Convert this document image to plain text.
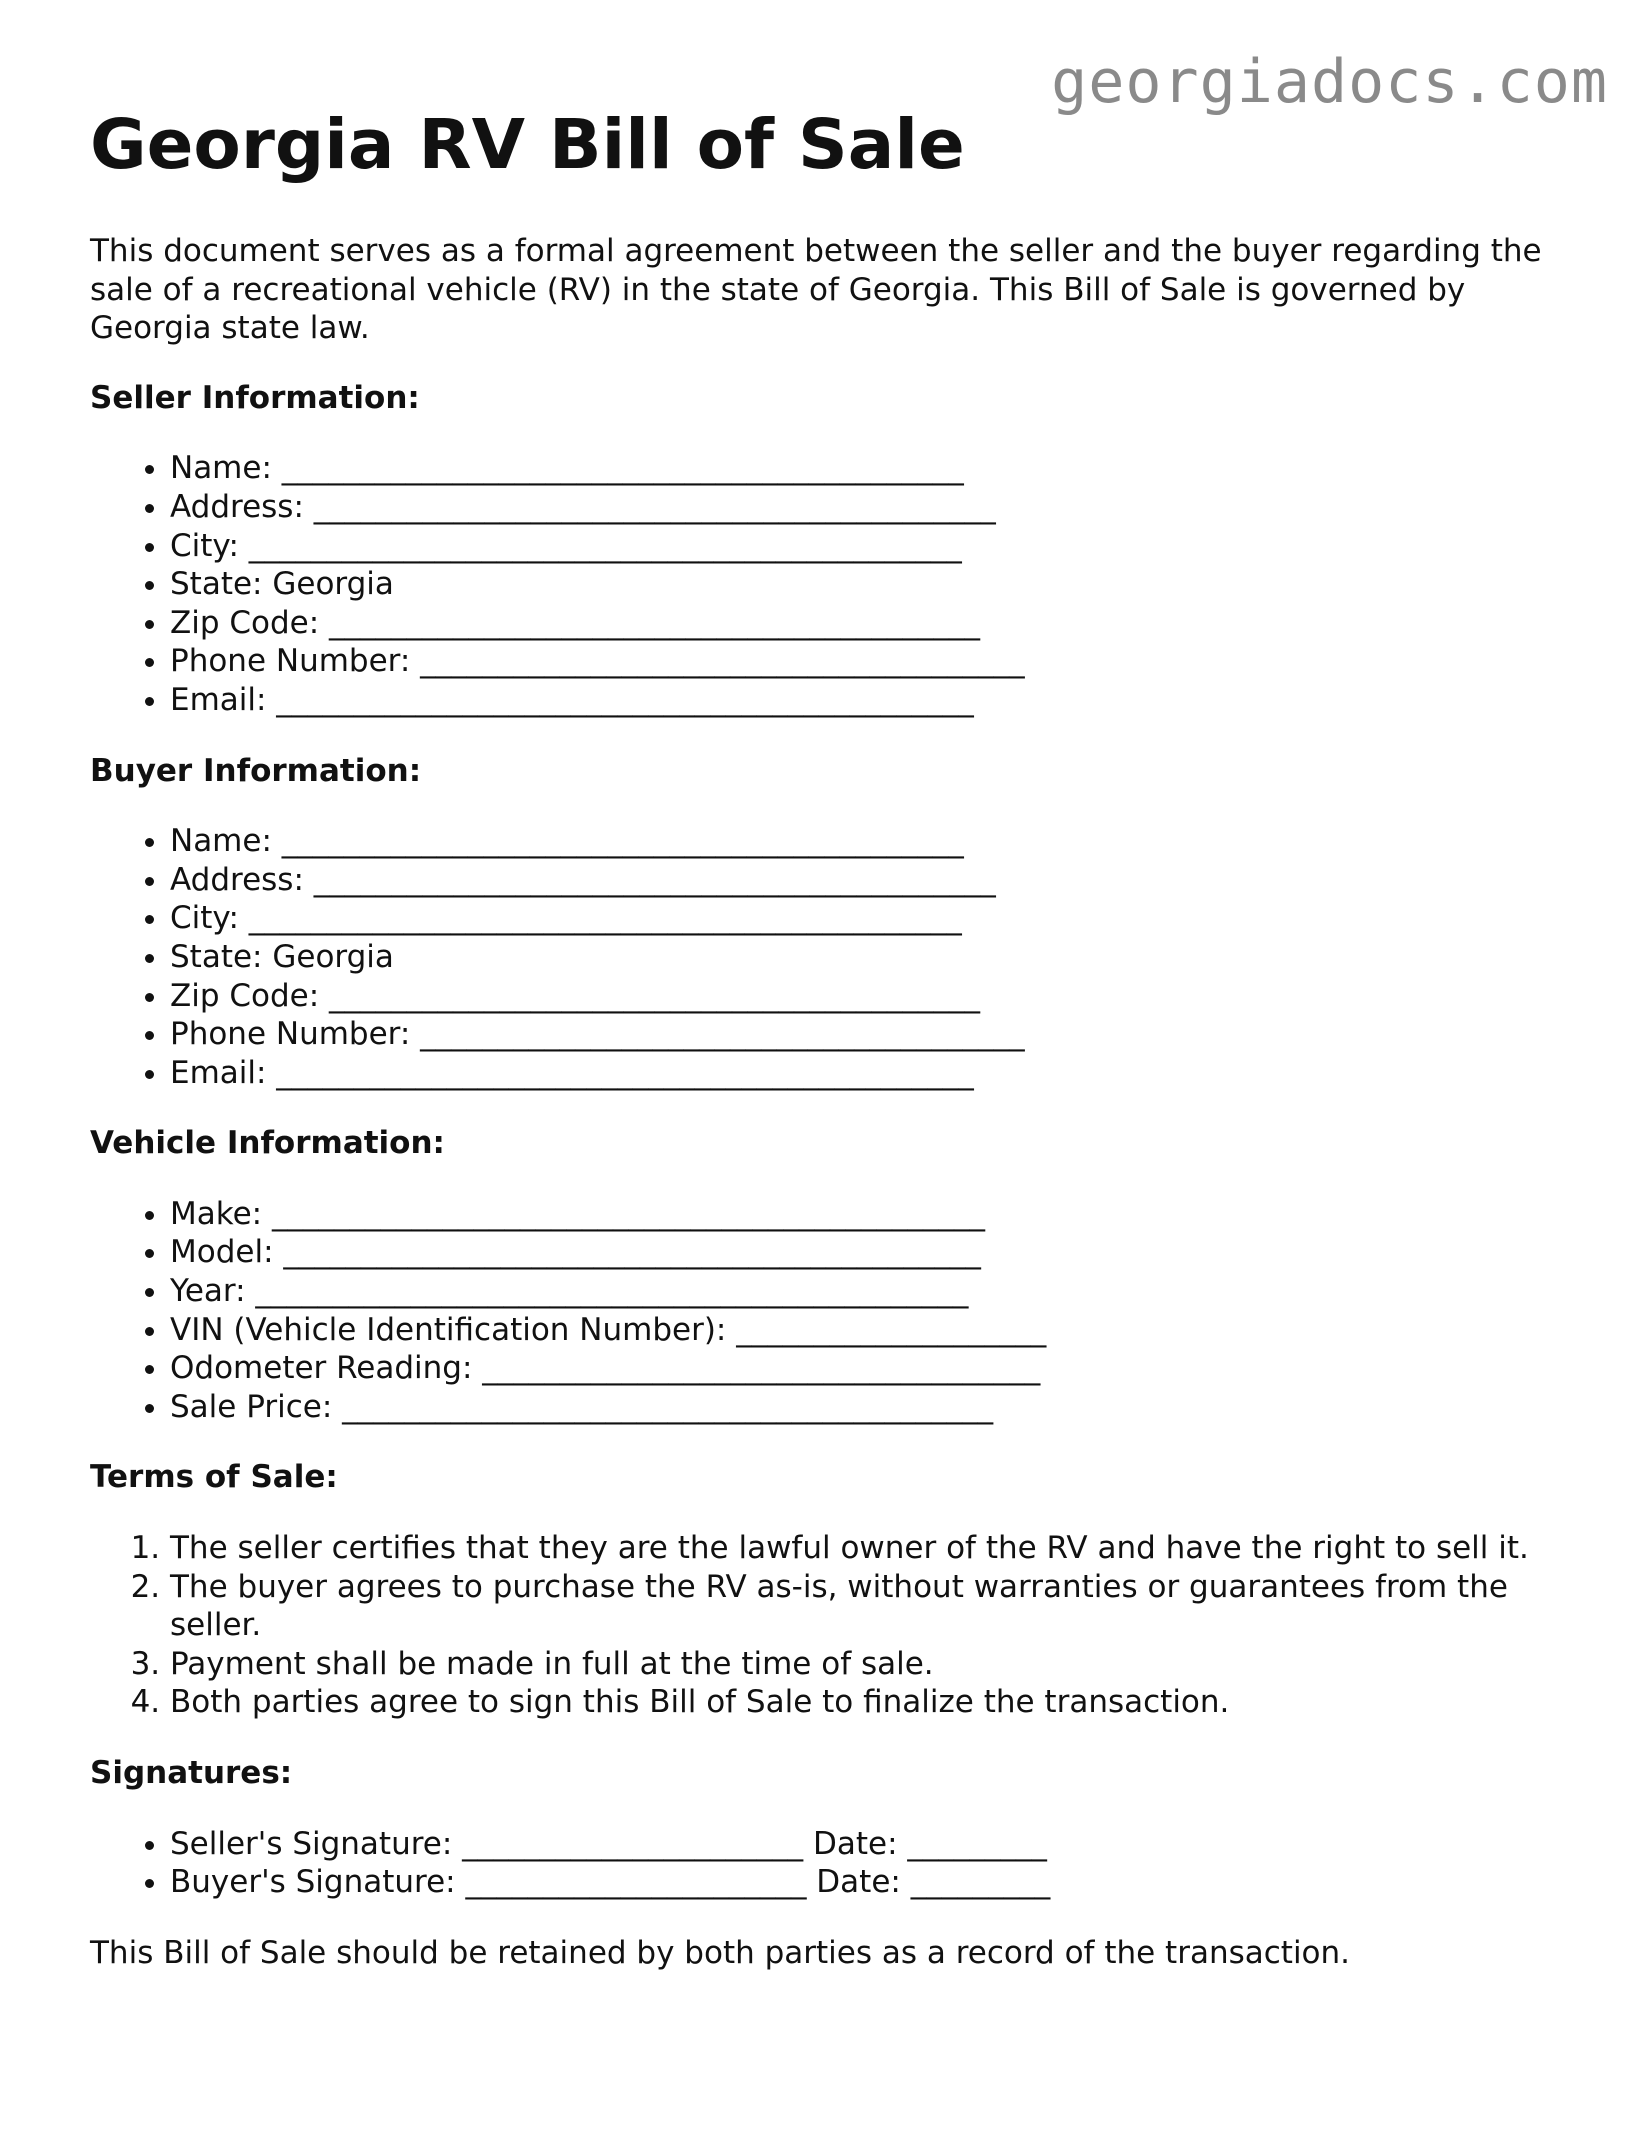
georgiadocs.com
Georgia RV Bill of Sale

This document serves as a formal agreement between the seller and the buyer regarding the sale of a recreational vehicle (RV) in the state of Georgia. This Bill of Sale is governed by Georgia state law.

Seller Information:
• Name: ____________________________________________
• Address: ____________________________________________
• City: ______________________________________________
• State: Georgia
• Zip Code: __________________________________________
• Phone Number: _______________________________________
• Email: _____________________________________________
Buyer Information:
• Name: ____________________________________________
• Address: ____________________________________________
• City: ______________________________________________
• State: Georgia
• Zip Code: __________________________________________
• Phone Number: _______________________________________
• Email: _____________________________________________
Vehicle Information:
• Make: ______________________________________________
• Model: _____________________________________________
• Year: ______________________________________________
• VIN (Vehicle Identification Number): ____________________
• Odometer Reading: ____________________________________
• Sale Price: __________________________________________
Terms of Sale:
1. The seller certifies that they are the lawful owner of the RV and have the right to sell it.
2. The buyer agrees to purchase the RV as-is, without warranties or guarantees from the seller.
3. Payment shall be made in full at the time of sale.
4. Both parties agree to sign this Bill of Sale to finalize the transaction.
Signatures:
• Seller's Signature: ______________________ Date: _________
• Buyer's Signature: ______________________ Date: _________

This Bill of Sale should be retained by both parties as a record of the transaction.
